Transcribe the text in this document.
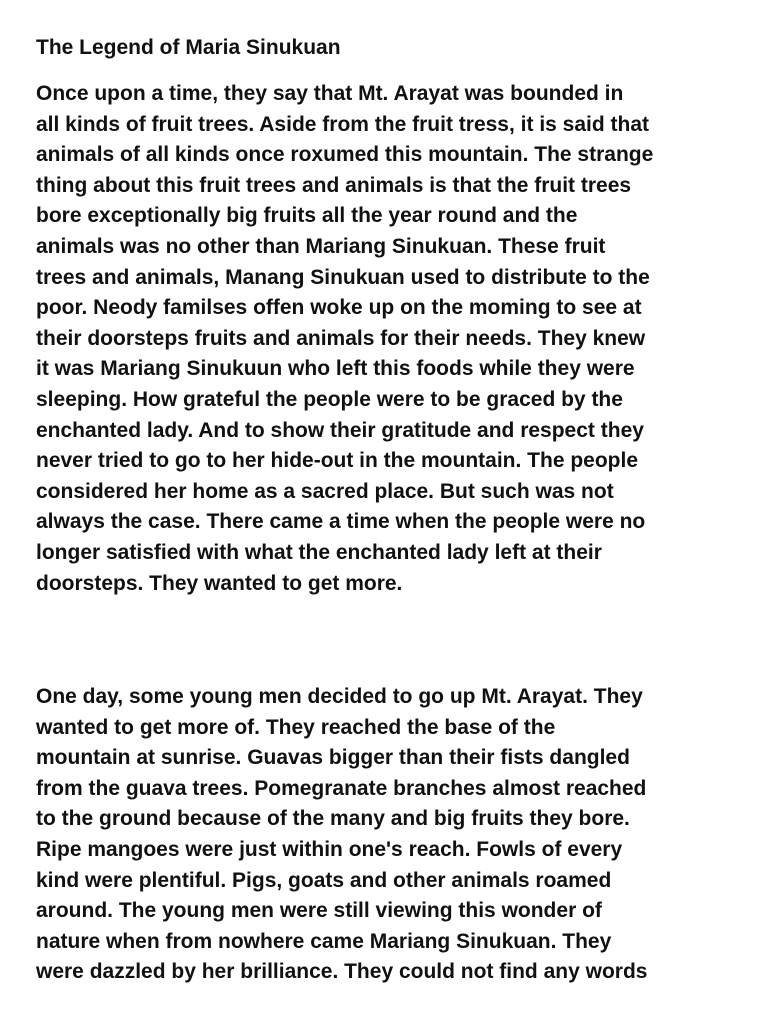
The Legend of Maria Sinukuan

Once upon a time, they say that Mt. Arayat was bounded in
all kinds of fruit trees. Aside from the fruit tress, it is said that
animals of all kinds once roxumed this mountain. The strange
thing about this fruit trees and animals is that the fruit trees
bore exceptionally big fruits all the year round and the
animals was no other than Mariang Sinukuan. These fruit
trees and animals, Manang Sinukuan used to distribute to the
poor. Neody familses offen woke up on the moming to see at
their doorsteps fruits and animals for their needs. They knew
it was Mariang Sinukuun who left this foods while they were
sleeping. How grateful the people were to be graced by the
enchanted lady. And to show their gratitude and respect they
never tried to go to her hide-out in the mountain. The people
considered her home as a sacred place. But such was not
always the case. There came a time when the people were no
longer satisfied with what the enchanted lady left at their
doorsteps. They wanted to get more.

One day, some young men decided to go up Mt. Arayat. They
wanted to get more of. They reached the base of the
mountain at sunrise. Guavas bigger than their fists dangled
from the guava trees. Pomegranate branches almost reached
to the ground because of the many and big fruits they bore.
Ripe mangoes were just within one's reach. Fowls of every
kind were plentiful. Pigs, goats and other animals roamed
around. The young men were still viewing this wonder of
nature when from nowhere came Mariang Sinukuan. They
were dazzled by her brilliance. They could not find any words
